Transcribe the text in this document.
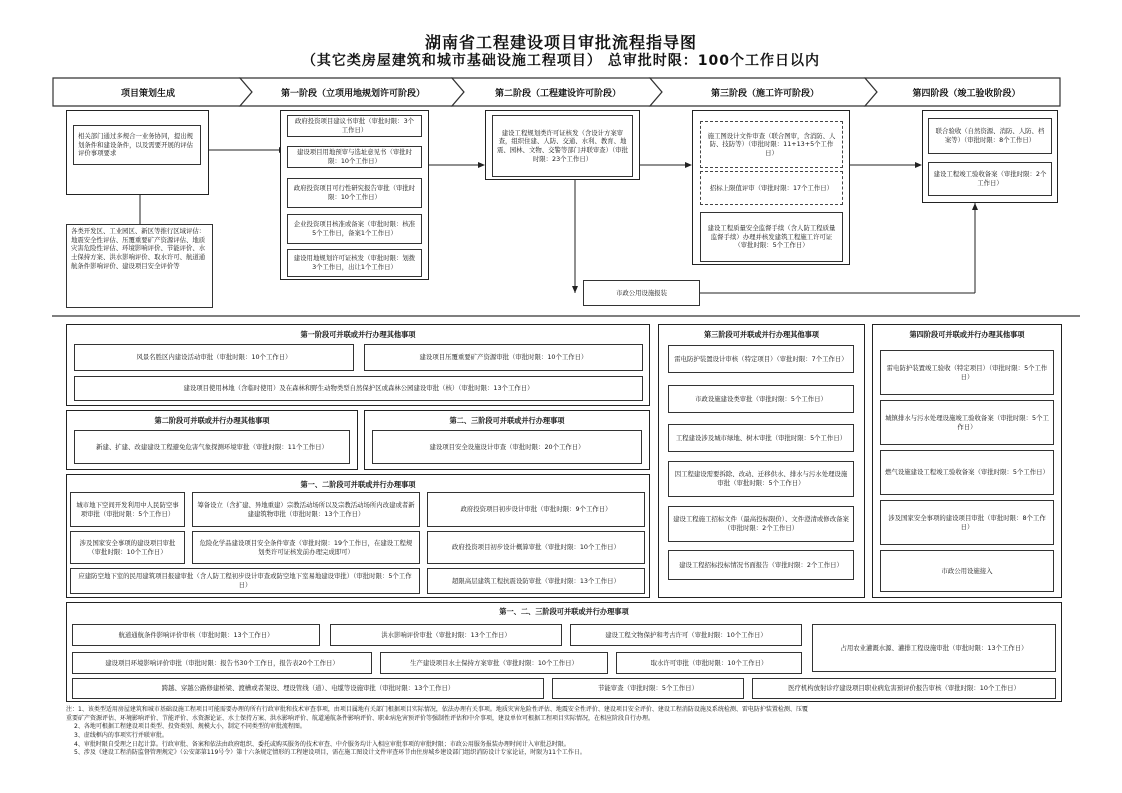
湖南省工程建设项目审批流程指导图
（其它类房屋建筑和城市基础设施工程项目） 总审批时限：100个工作日以内
项目策划生成	第一阶段（立项用地规划许可阶段）	第二阶段（工程建设许可阶段）	第三阶段（施工许可阶段）	第四阶段（竣工验收阶段）
相关部门通过多规合一业务协同，提出规划条件和建设条件，以及需要开展的评估评价事项要求
各类开发区、工业园区、新区等推行区域评估：地震安全性评估、压覆重要矿产资源评估、地质灾害危险性评估、环境影响评价、节能评价、水土保持方案、洪水影响评价、取水许可、航道通航条件影响评价、建设项目安全评价等
政府投资项目建议书审批（审批时限：3个工作日）
建设项目用地预审与选址意见书（审批时限：10个工作日）
政府投资项目可行性研究报告审批（审批时限：10个工作日）
企业投资项目核准或备案（审批时限：核准5个工作日，备案1个工作日）
建设用地规划许可证核发（审批时限：划拨3个工作日，出让1个工作日）
建设工程规划类许可证核发（含设计方案审查，组织住建、人防、交通、水利、教育、地震、园林、文物、交警等部门并联审查）（审批时限：23个工作日）
施工图设计文件审查（联合图审，含消防、人防、技防等）（审批时限：11+13+5个工作日）
招标上限值评审（审批时限：17个工作日）
建设工程质量安全监督手续（含人防工程质量监督手续）办理并核发建筑工程施工许可证（审批时限：5个工作日）
联合验收（自然资源、消防、人防、档案等）（审批时限：8个工作日）
建设工程竣工验收备案（审批时限：2个工作日）
市政公用设施报装
第一阶段可并联或并行办理其他事项
风景名胜区内建设活动审批（审批时限：10个工作日）	建设项目压覆重要矿产资源审批（审批时限：10个工作日）
建设项目使用林地（含临时使用）及在森林和野生动物类型自然保护区或森林公园建设审批（核）（审批时限：13个工作日）
第二阶段可并联或并行办理其他事项
新建、扩建、改建建设工程避免危害气象探测环境审批（审批时限：11个工作日）
第二、三阶段可并联或并行办理事项
建设项目安全设施设计审查（审批时限：20个工作日）
第一、二阶段可并联或并行办理事项
城市地下空间开发利用中人民防空事项审批（审批时限：5个工作日）
筹备设立（含扩建、异地重建）宗教活动场所以及宗教活动场所内改建或者新建建筑物审批（审批时限：13个工作日）
政府投资项目初步设计审批（审批时限：9个工作日）
涉及国家安全事项的建设项目审批（审批时限：10个工作日）
危险化学品建设项目安全条件审查（审批时限：19个工作日，在建设工程规划类许可证核发前办理完成即可）
政府投资项目初步设计概算审批（审批时限：10个工作日）
应建防空地下室的民用建筑项目报建审批（含人防工程初步设计审查或防空地下室易地建设审批）（审批时限：5个工作日）
超限高层建筑工程抗震设防审批（审批时限：13个工作日）
第三阶段可并联或并行办理其他事项
雷电防护装置设计审核（特定项目）（审批时限：7个工作日）
市政设施建设类审批（审批时限：5个工作日）
工程建设涉及城市绿地、树木审批（审批时限：5个工作日）
因工程建设需要拆除、改动、迁移供水、排水与污水处理设施审批（审批时限：5个工作日）
建设工程施工招标文件（最高投标限价）、文件澄清或修改备案（审批时限：2个工作日）
建设工程招标投标情况书面报告（审批时限：2个工作日）
第四阶段可并联或并行办理其他事项
雷电防护装置竣工验收（特定项目）（审批时限：5个工作日）
城镇排水与污水处理设施竣工验收备案（审批时限：5个工作日）
燃气设施建设工程竣工验收备案（审批时限：5个工作日）
涉及国家安全事项的建设项目审批（审批时限：8个工作日）
市政公用设施接入
第一、二、三阶段可并联或并行办理事项
航道通航条件影响评价审核（审批时限：13个工作日）	洪水影响评价审批（审批时限：13个工作日）	建设工程文物保护和考古许可（审批时限：10个工作日）
占用农业灌溉水源、灌排工程设施审批（审批时限：13个工作日）
建设项目环境影响评价审批（审批时限：报告书30个工作日，报告表20个工作日）	生产建设项目水土保持方案审批（审批时限：10个工作日）	取水许可审批（审批时限：10个工作日）
跨越、穿越公路修建桥梁、渡槽或者架设、埋设管线（道）、电缆等设施审批（审批时限：13个工作日）	节能审查（审批时限：5个工作日）	医疗机构放射诊疗建设项目职业病危害预评价报告审核（审批时限：10个工作日）
注：1、该类型适用房屋建筑和城市基础设施工程项目可能需要办理的所有行政审批和技术审查事项，由项目属地有关部门根据项目实际情况，依法办理有关事项。地质灾害危险性评估、地震安全性评价、建设项目安全评价、建设工程消防设施及系统检测、雷电防护装置检测、压覆
重要矿产资源评估、环境影响评价、节能评价、水资源论证、水土保持方案、洪水影响评价、航道通航条件影响评价、职业病危害预评价等强制性评估和中介事项，建设单位可根据工程项目实际情况，在相应阶段自行办理。
2、各地可根据工程建设项目类型、投资类别、规模大小，制定不同类型的审批流程图。
3、虚线框内的事项实行并联审批。
4、审批时限自受理之日起计算。行政审批、备案和依法由政府组织、委托或购买服务的技术审查、中介服务均计入相应审批事项的审批时限；市政公用服务报装办理时间计入审批总时限。
5、涉及《建设工程消防监督管理规定》（公安部第119号令）第十六条规定情形的工程建设项目，需在施工图设计文件审查环节由住房城乡建设部门组织消防设计专家论证，时限为11个工作日。
